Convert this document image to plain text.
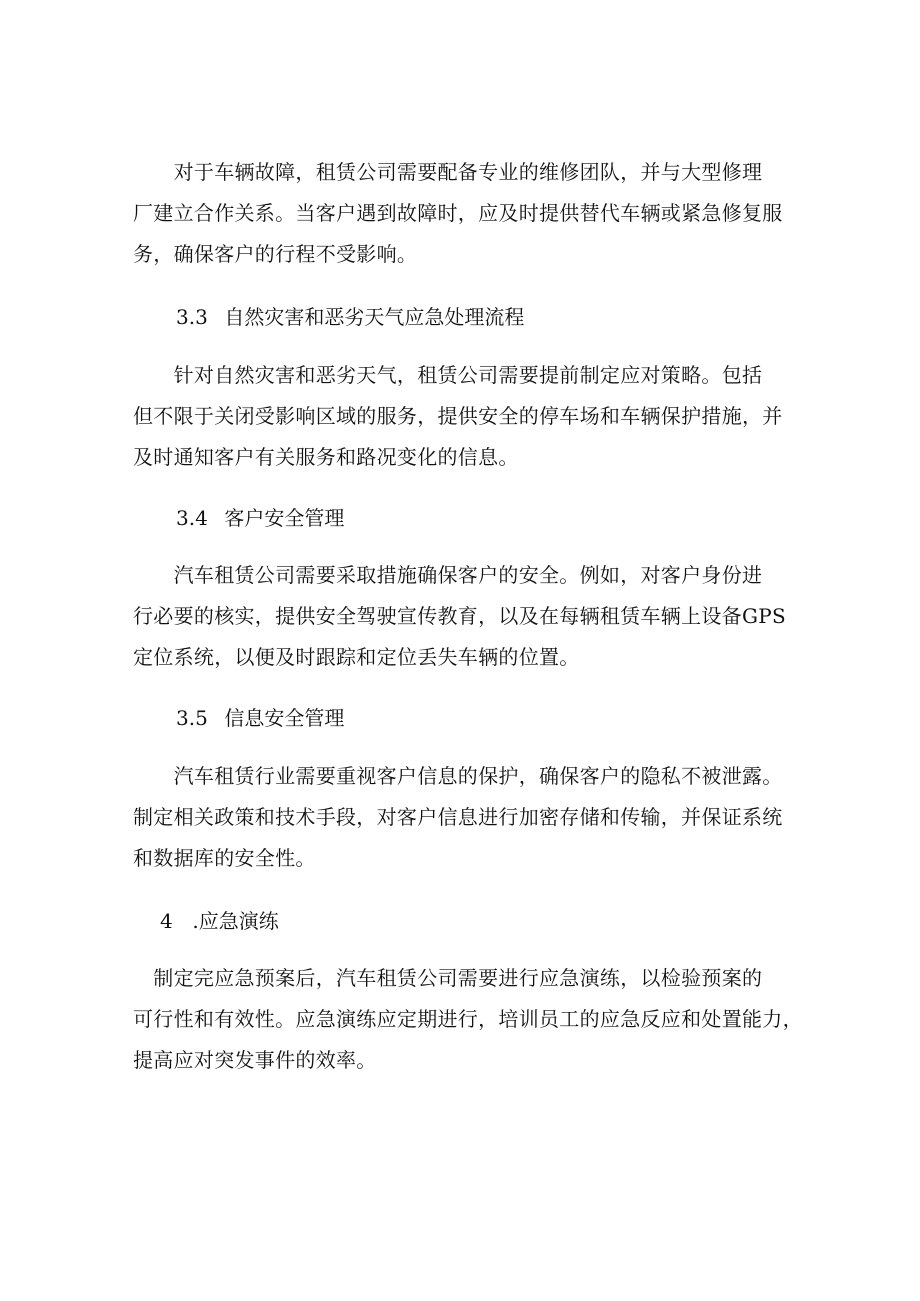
　　对于车辆故障，租赁公司需要配备专业的维修团队，并与大型修理
厂建立合作关系。当客户遇到故障时，应及时提供替代车辆或紧急修复服
务，确保客户的行程不受影响。

3.3 自然灾害和恶劣天气应急处理流程

　　针对自然灾害和恶劣天气，租赁公司需要提前制定应对策略。包括
但不限于关闭受影响区域的服务，提供安全的停车场和车辆保护措施，并
及时通知客户有关服务和路况变化的信息。

3.4 客户安全管理

　　汽车租赁公司需要采取措施确保客户的安全。例如，对客户身份进
行必要的核实，提供安全驾驶宣传教育，以及在每辆租赁车辆上设备GPS
定位系统，以便及时跟踪和定位丢失车辆的位置。

3.5 信息安全管理

　　汽车租赁行业需要重视客户信息的保护，确保客户的隐私不被泄露。
制定相关政策和技术手段，对客户信息进行加密存储和传输，并保证系统
和数据库的安全性。

4 .应急演练

　制定完应急预案后，汽车租赁公司需要进行应急演练，以检验预案的
可行性和有效性。应急演练应定期进行，培训员工的应急反应和处置能力，
提高应对突发事件的效率。
